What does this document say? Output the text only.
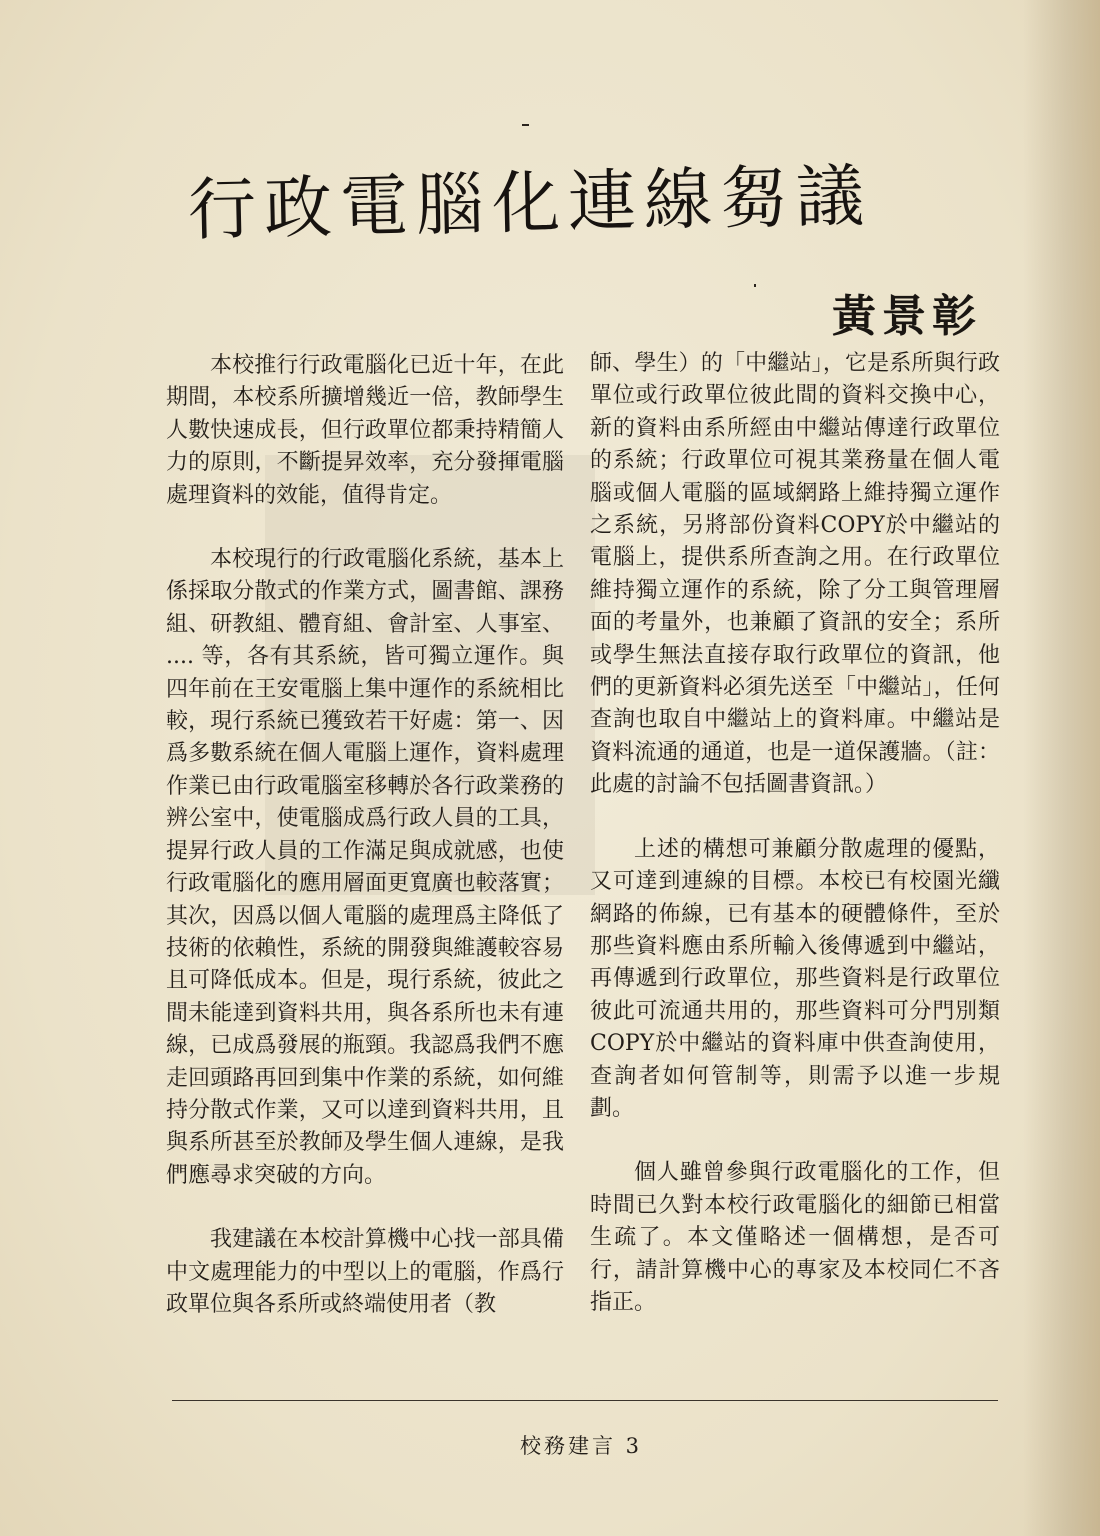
行政電腦化連線芻議
黃景彰

本校推行行政電腦化已近十年，在此期間，本校系所擴增幾近一倍，教師學生人數快速成長，但行政單位都秉持精簡人力的原則，不斷提昇效率，充分發揮電腦處理資料的效能，值得肯定。

本校現行的行政電腦化系統，基本上係採取分散式的作業方式，圖書館、課務組、研教組、體育組、會計室、人事室、 .... 等，各有其系統，皆可獨立運作。與四年前在王安電腦上集中運作的系統相比較，現行系統已獲致若干好處：第一、因爲多數系統在個人電腦上運作，資料處理作業已由行政電腦室移轉於各行政業務的辨公室中，使電腦成爲行政人員的工具，提昇行政人員的工作滿足與成就感，也使行政電腦化的應用層面更寬廣也較落實；其次，因爲以個人電腦的處理爲主降低了技術的依賴性，系統的開發與維護較容易且可降低成本。但是，現行系統，彼此之間未能達到資料共用，與各系所也未有連線，已成爲發展的瓶頸。我認爲我們不應走回頭路再回到集中作業的系統，如何維持分散式作業，又可以達到資料共用，且與系所甚至於教師及學生個人連線，是我們應尋求突破的方向。

我建議在本校計算機中心找一部具備中文處理能力的中型以上的電腦，作爲行政單位與各系所或終端使用者（教

師、學生）的「中繼站」，它是系所與行政單位或行政單位彼此間的資料交換中心，新的資料由系所經由中繼站傳達行政單位的系統；行政單位可視其業務量在個人電腦或個人電腦的區域網路上維持獨立運作之系統，另將部份資料COPY於中繼站的電腦上，提供系所查詢之用。在行政單位維持獨立運作的系統，除了分工與管理層面的考量外，也兼顧了資訊的安全；系所或學生無法直接存取行政單位的資訊，他們的更新資料必須先送至「中繼站」，任何查詢也取自中繼站上的資料庫。中繼站是資料流通的通道，也是一道保護牆。（註：此處的討論不包括圖書資訊。）

上述的構想可兼顧分散處理的優點，又可達到連線的目標。本校已有校園光纖網路的佈線，已有基本的硬體條件，至於那些資料應由系所輸入後傳遞到中繼站，再傳遞到行政單位，那些資料是行政單位彼此可流通共用的，那些資料可分門別類COPY於中繼站的資料庫中供查詢使用，查詢者如何管制等，則需予以進一步規劃。

個人雖曾參與行政電腦化的工作，但時間已久對本校行政電腦化的細節已相當生疏了。本文僅略述一個構想，是否可行，請計算機中心的專家及本校同仁不吝指正。

校務建言 3
